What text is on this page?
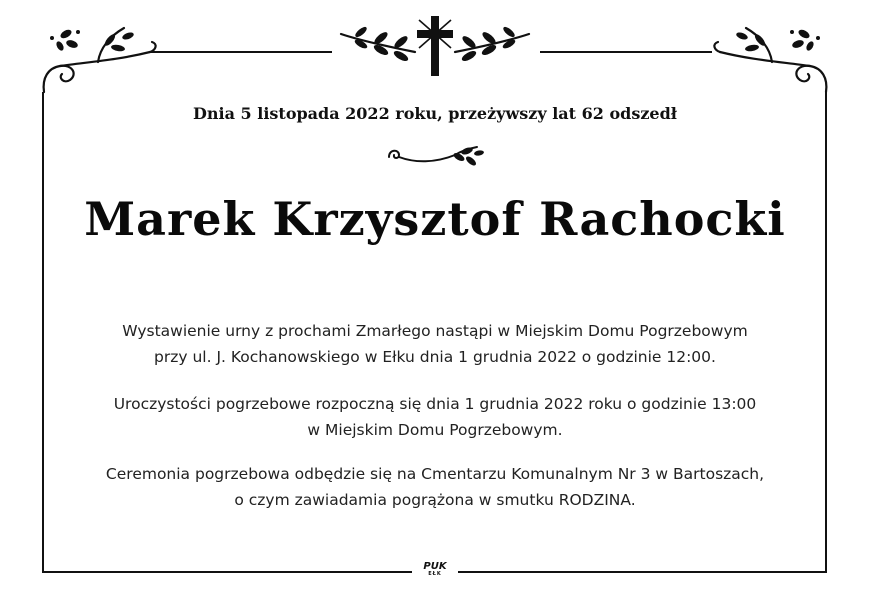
Dnia 5 listopada 2022 roku, przeżywszy lat 62 odszedł
Marek Krzysztof Rachocki
Wystawienie urny z prochami Zmarłego nastąpi w Miejskim Domu Pogrzebowym
przy ul. J. Kochanowskiego w Ełku dnia 1 grudnia 2022 o godzinie 12:00.
Uroczystości pogrzebowe rozpoczną się dnia 1 grudnia 2022 roku o godzinie 13:00
w Miejskim Domu Pogrzebowym.
Ceremonia pogrzebowa odbędzie się na Cmentarzu Komunalnym Nr 3 w Bartoszach,
o czym zawiadamia pogrążona w smutku RODZINA.
PUK
EŁK
